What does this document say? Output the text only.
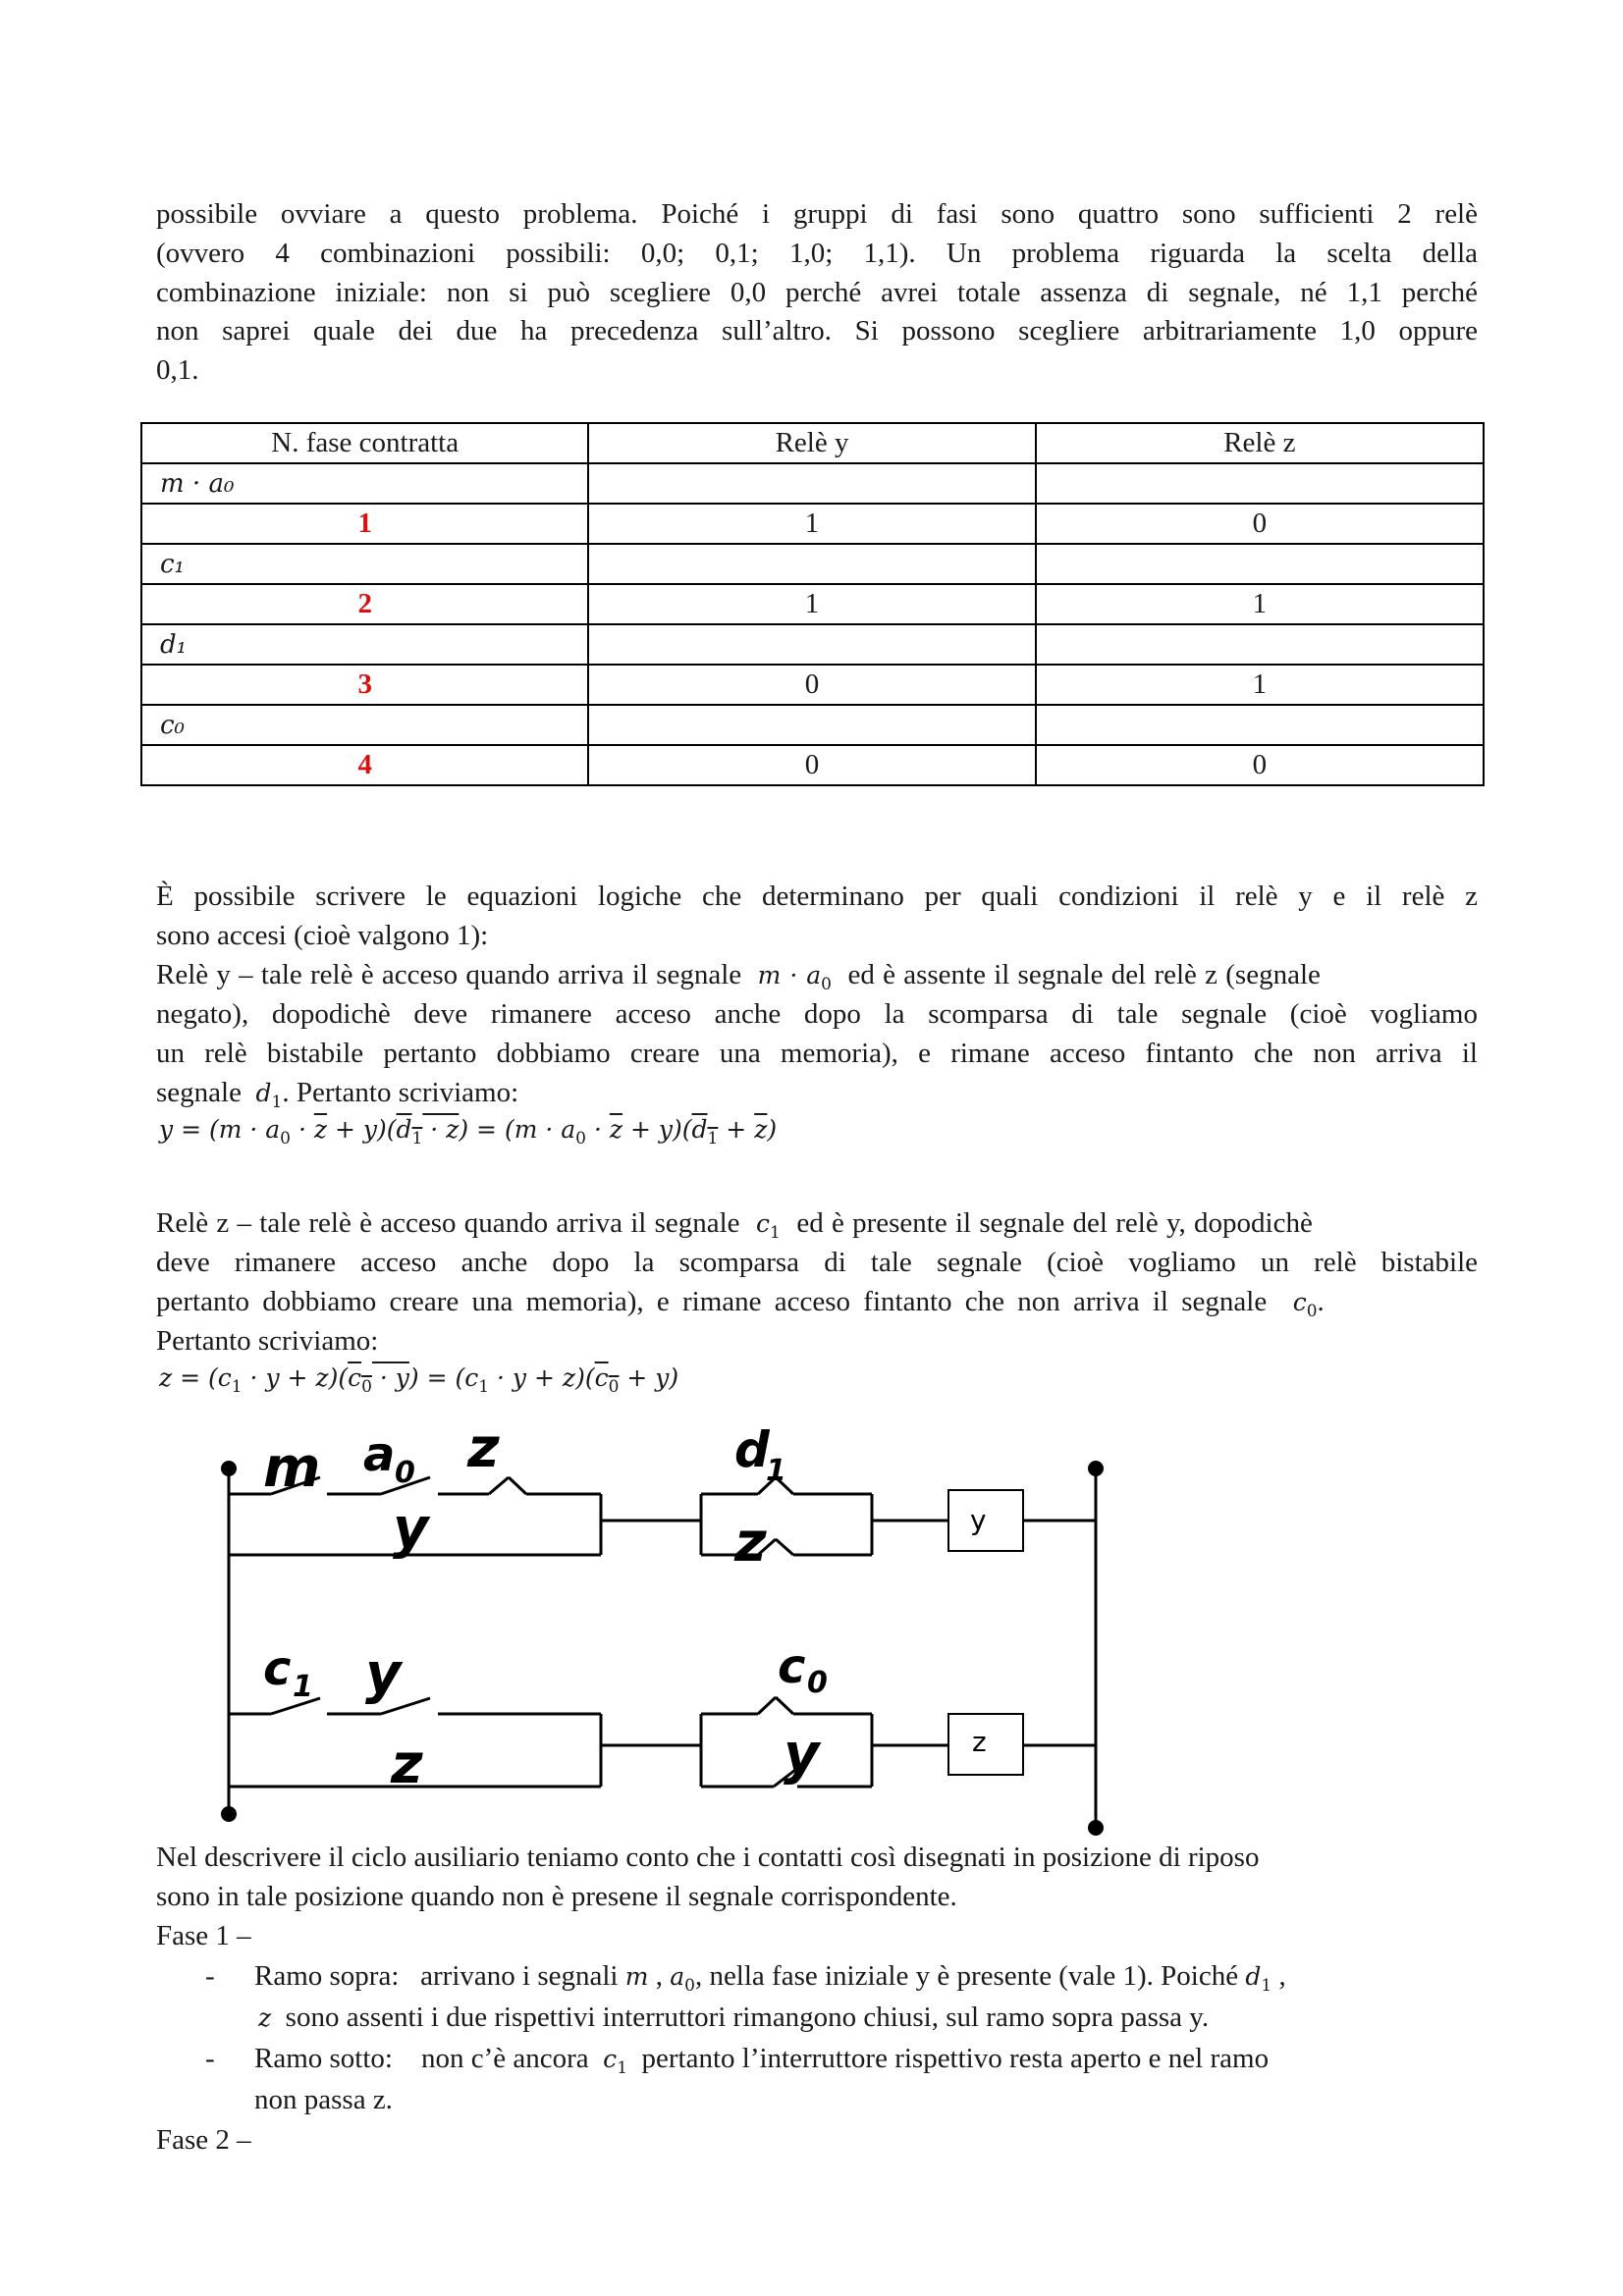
possibile ovviare a questo problema. Poiché i gruppi di fasi sono quattro sono sufficienti 2 relè
(ovvero 4 combinazioni possibili: 0,0; 0,1; 1,0; 1,1). Un problema riguarda la scelta della
combinazione iniziale: non si può scegliere 0,0 perché avrei totale assenza di segnale, né 1,1 perché
non saprei quale dei due ha precedenza sull’altro. Si possono scegliere arbitrariamente 1,0 oppure
0,1.
N. fase contratta	Relè y	Relè z
m · a₀		
1	1	0
c₁		
2	1	1
d₁		
3	0	1
c₀		
4	0	0
È possibile scrivere le equazioni logiche che determinano per quali condizioni il relè y e il relè z
sono accesi (cioè valgono 1):
Relè y – tale relè è acceso quando arriva il segnale $m \cdot a_0$ ed è assente il segnale del relè z (segnale
negato), dopodichè deve rimanere acceso anche dopo la scomparsa di tale segnale (cioè vogliamo
un relè bistabile pertanto dobbiamo creare una memoria), e rimane acceso fintanto che non arriva il
segnale $d_1$. Pertanto scriviamo:
$y = (m \cdot a_0 \cdot \overline{z} + y)(d_1 \cdot z) = (m \cdot a_0 \cdot \overline{z} + y)(d_1 + \overline{z})$
Relè z – tale relè è acceso quando arriva il segnale $c_1$ ed è presente il segnale del relè y, dopodichè
deve rimanere acceso anche dopo la scomparsa di tale segnale (cioè vogliamo un relè bistabile
pertanto dobbiamo creare una memoria), e rimane acceso fintanto che non arriva il segnale $c_0$.
Pertanto scriviamo:
$z = (c_1 \cdot y + z)(c_0 \cdot y) = (c_1 \cdot y + z)(c_0 + y)$
m a 0 z	d
1
y	z
c 1 y	c 0
z	y
y
z
Nel descrivere il ciclo ausiliario teniamo conto che i contatti così disegnati in posizione di riposo
sono in tale posizione quando non è presene il segnale corrispondente.
Fase 1 –
- Ramo sopra: arrivano i segnali m , $a_0$, nella fase iniziale y è presente (vale 1). Poiché $d_1$ ,
z sono assenti i due rispettivi interruttori rimangono chiusi, sul ramo sopra passa y.
- Ramo sotto: non c’è ancora $c_1$ pertanto l’interruttore rispettivo resta aperto e nel ramo
non passa z.
Fase 2 –
